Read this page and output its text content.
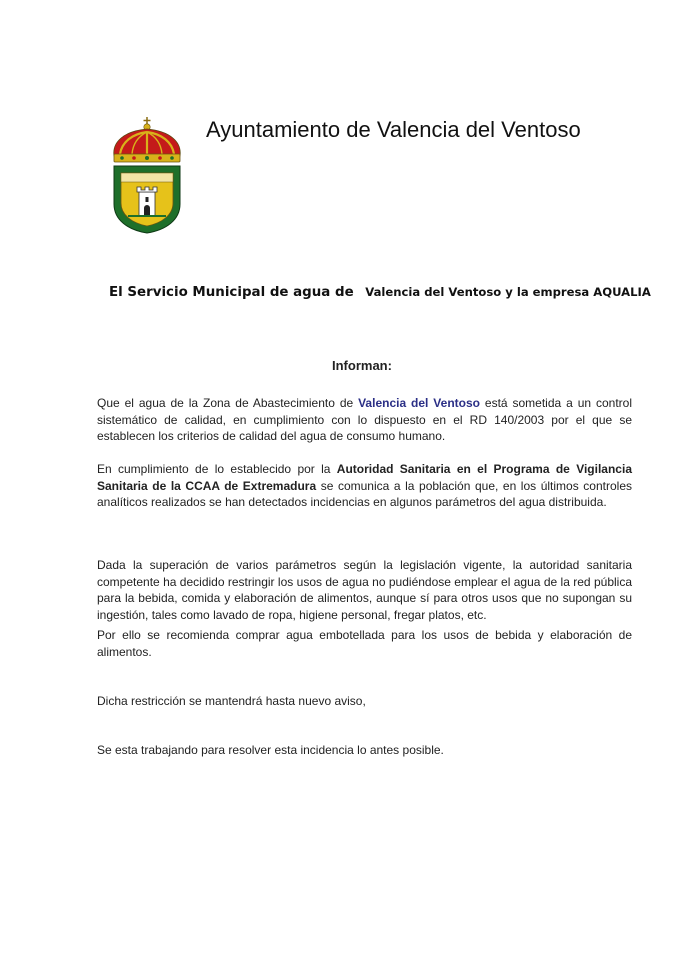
Ayuntamiento de Valencia del Ventoso
El Servicio Municipal de agua de Valencia del Ventoso y la empresa AQUALIA
Informan:

Que el agua de la Zona de Abastecimiento de Valencia del Ventoso está sometida a un control sistemático de calidad, en cumplimiento con lo dispuesto en el RD 140/2003 por el que se establecen los criterios de calidad del agua de consumo humano.

En cumplimiento de lo establecido por la Autoridad Sanitaria en el Programa de Vigilancia Sanitaria de la CCAA de Extremadura se comunica a la población que, en los últimos controles analíticos realizados se han detectados incidencias en algunos parámetros del agua distribuida.

Dada la superación de varios parámetros según la legislación vigente, la autoridad sanitaria competente ha decidido restringir los usos de agua no pudiéndose emplear el agua de la red pública para la bebida, comida y elaboración de alimentos, aunque sí para otros usos que no supongan su ingestión, tales como lavado de ropa, higiene personal, fregar platos, etc.

Por ello se recomienda comprar agua embotellada para los usos de bebida y elaboración de alimentos.

Dicha restricción se mantendrá hasta nuevo aviso,

Se esta trabajando para resolver esta incidencia lo antes posible.
